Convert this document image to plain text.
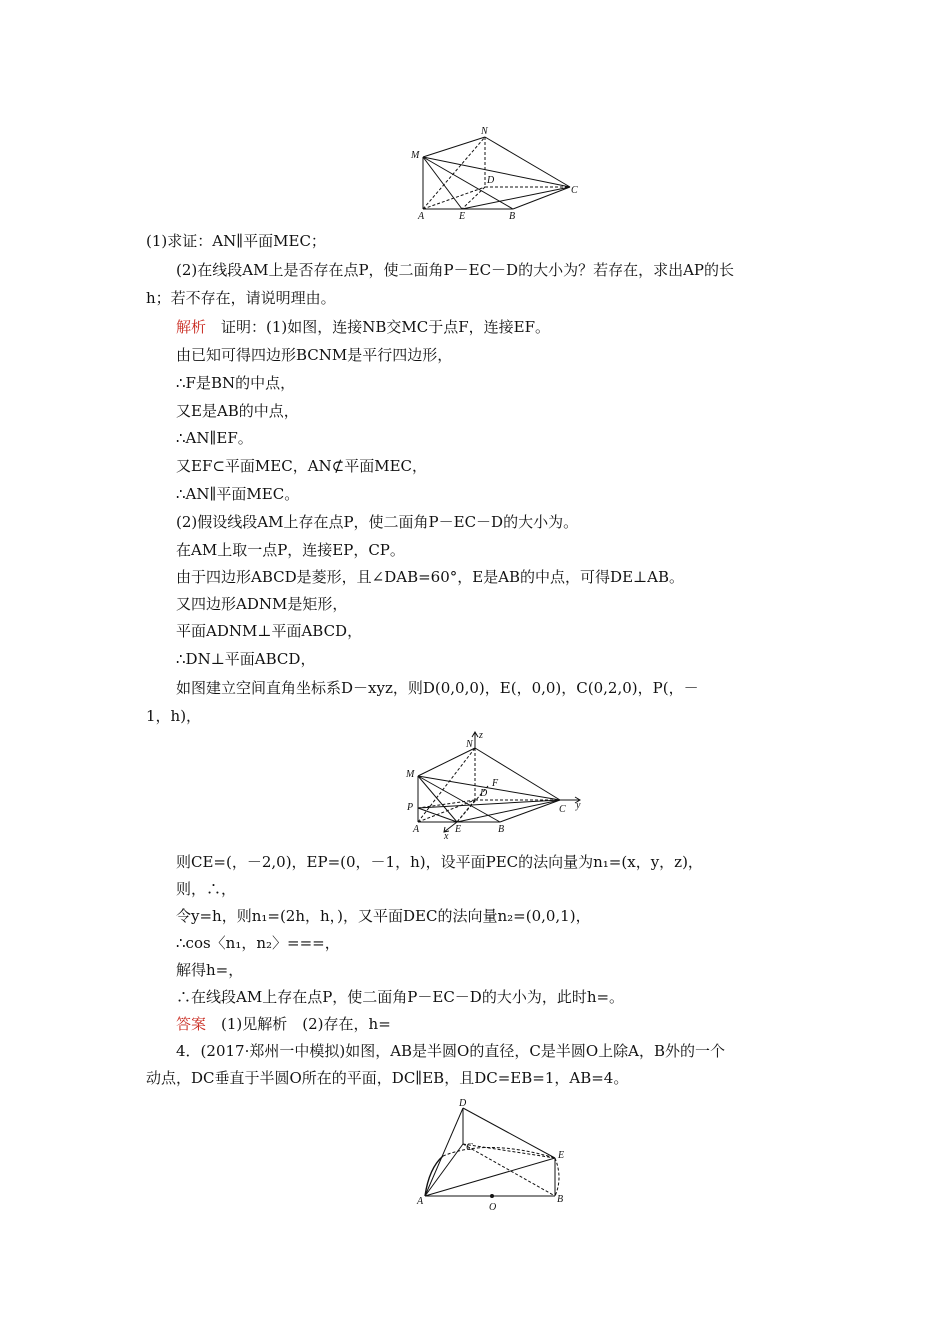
N
M
D
C
A	E	B
(1)求证：AN∥平面MEC；
(2)在线段AM上是否存在点P，使二面角P－EC－D的大小为？若存在，求出AP的长
h；若不存在，请说明理由。
解析　 证明：(1)如图，连接NB交MC于点F，连接EF。
由已知可得四边形BCNM是平行四边形，
∴F是BN的中点，
又E是AB的中点，
∴AN∥EF。
又EF⊂平面MEC，AN⊄平面MEC，
∴AN∥平面MEC。
(2)假设线段AM上存在点P，使二面角P－EC－D的大小为。
在AM上取一点P，连接EP，CP。
由于四边形ABCD是菱形，且∠DAB=60°，E是AB的中点，可得DE⊥AB。
又四边形ADNM是矩形，
平面ADNM⊥平面ABCD，
∴DN⊥平面ABCD，
如图建立空间直角坐标系D－xyz，则D(0,0,0)，E(，0,0)，C(0,2,0)，P(，－
1，h)，
z
N
M
F
D
P	C y
A	E	B
x
则CE=(，－2,0)，EP=(0，－1，h)，设平面PEC的法向量为n₁=(x，y，z)，
则，∴，
令y=h，则n₁=(2h，h，)，又平面DEC的法向量n₂=(0,0,1)，
∴cos〈n₁，n₂〉===，
解得h=，
∴在线段AM上存在点P，使二面角P－EC－D的大小为，此时h=。
答案　 (1)见解析　(2)存在，h=
4．(2017·郑州一中模拟)如图，AB是半圆O的直径，C是半圆O上除A，B外的一个
动点，DC垂直于半圆O所在的平面，DC∥EB，且DC=EB=1，AB=4。
D
C
E
A
O
B
